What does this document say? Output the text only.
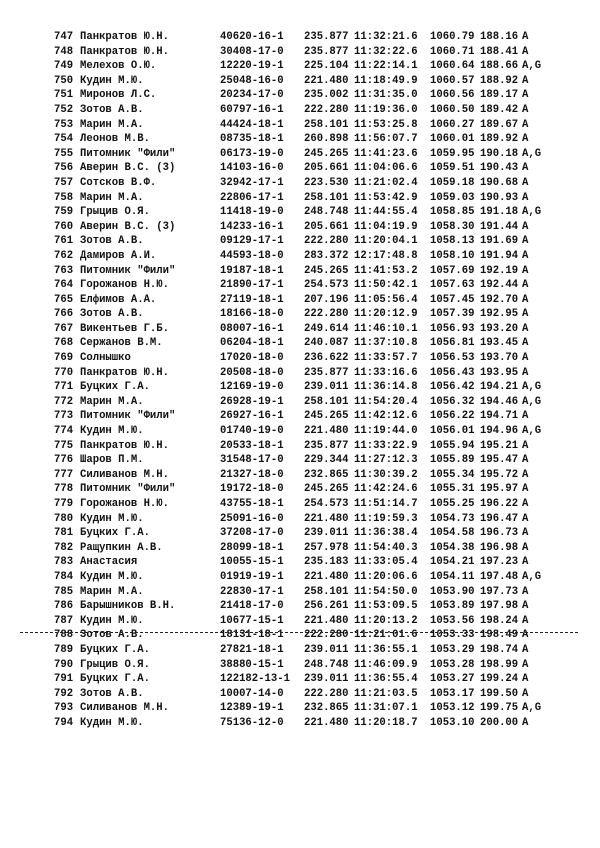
747 Панкратов Ю.Н.	40620-16-1	235.877 11:32:21.6	1060.79 188.16 A
748 Панкратов Ю.Н.	30408-17-0	235.877 11:32:22.6	1060.71 188.41 A
749 Мелехов О.Ю.	12220-19-1	225.104 11:22:14.1	1060.64 188.66 A,G
750 Кудин М.Ю.	25048-16-0	221.480 11:18:49.9	1060.57 188.92 A
751 Миронов Л.С.	20234-17-0	235.002 11:31:35.0	1060.56 189.17 A
752 Зотов А.В.	60797-16-1	222.280 11:19:36.0	1060.50 189.42 A
753 Марин М.А.	44424-18-1	258.101 11:53:25.8	1060.27 189.67 A
754 Леонов М.В.	08735-18-1	260.898 11:56:07.7	1060.01 189.92 A
755 Питомник "Фили"	06173-19-0	245.265 11:41:23.6	1059.95 190.18 A,G
756 Аверин В.С. (3)	14103-16-0	205.661 11:04:06.6	1059.51 190.43 A
757 Сотсков В.Ф.	32942-17-1	223.530 11:21:02.4	1059.18 190.68 A
758 Марин М.А.	22806-17-1	258.101 11:53:42.9	1059.03 190.93 A
759 Грыцив О.Я.	11418-19-0	248.748 11:44:55.4	1058.85 191.18 A,G
760 Аверин В.С. (3)	14233-16-1	205.661 11:04:19.9	1058.30 191.44 A
761 Зотов А.В.	09129-17-1	222.280 11:20:04.1	1058.13 191.69 A
762 Дамиров А.И.	44593-18-0	283.372 12:17:48.8	1058.10 191.94 A
763 Питомник "Фили"	19187-18-1	245.265 11:41:53.2	1057.69 192.19 A
764 Горожанов Н.Ю.	21890-17-1	254.573 11:50:42.1	1057.63 192.44 A
765 Елфимов А.А.	27119-18-1	207.196 11:05:56.4	1057.45 192.70 A
766 Зотов А.В.	18166-18-0	222.280 11:20:12.9	1057.39 192.95 A
767 Викентьев Г.Б.	08007-16-1	249.614 11:46:10.1	1056.93 193.20 A
768 Сержанов В.М.	06204-18-1	240.087 11:37:10.8	1056.81 193.45 A
769 Солнышко	17020-18-0	236.622 11:33:57.7	1056.53 193.70 A
770 Панкратов Ю.Н.	20508-18-0	235.877 11:33:16.6	1056.43 193.95 A
771 Буцких Г.А.	12169-19-0	239.011 11:36:14.8	1056.42 194.21 A,G
772 Марин М.А.	26928-19-1	258.101 11:54:20.4	1056.32 194.46 A,G
773 Питомник "Фили"	26927-16-1	245.265 11:42:12.6	1056.22 194.71 A
774 Кудин М.Ю.	01740-19-0	221.480 11:19:44.0	1056.01 194.96 A,G
775 Панкратов Ю.Н.	20533-18-1	235.877 11:33:22.9	1055.94 195.21 A
776 Шаров П.М.	31548-17-0	229.344 11:27:12.3	1055.89 195.47 A
777 Силиванов М.Н.	21327-18-0	232.865 11:30:39.2	1055.34 195.72 A
778 Питомник "Фили"	19172-18-0	245.265 11:42:24.6	1055.31 195.97 A
779 Горожанов Н.Ю.	43755-18-1	254.573 11:51:14.7	1055.25 196.22 A
780 Кудин М.Ю.	25091-16-0	221.480 11:19:59.3	1054.73 196.47 A
781 Буцких Г.А.	37208-17-0	239.011 11:36:38.4	1054.58 196.73 A
782 Ращупкин А.В.	28099-18-1	257.978 11:54:40.3	1054.38 196.98 A
783 Анастасия	10055-15-1	235.183 11:33:05.4	1054.21 197.23 A
784 Кудин М.Ю.	01919-19-1	221.480 11:20:06.6	1054.11 197.48 A,G
785 Марин М.А.	22830-17-1	258.101 11:54:50.0	1053.90 197.73 A
786 Барышников В.Н.	21418-17-0	256.261 11:53:09.5	1053.89 197.98 A
787 Кудин М.Ю.	10677-15-1	221.480 11:20:13.2	1053.56 198.24 A
788 Зотов А.В.	18131-18-1	222.280 11:21:01.6	1053.33 198.49 A
789 Буцких Г.А.	27821-18-1	239.011 11:36:55.1	1053.29 198.74 A
790 Грыцив О.Я.	38880-15-1	248.748 11:46:09.9	1053.28 198.99 A
791 Буцких Г.А.	122182-13-1	239.011 11:36:55.4	1053.27 199.24 A
792 Зотов А.В.	10007-14-0	222.280 11:21:03.5	1053.17 199.50 A
793 Силиванов М.Н.	12389-19-1	232.865 11:31:07.1	1053.12 199.75 A,G
794 Кудин М.Ю.	75136-12-0	221.480 11:20:18.7	1053.10 200.00 A
